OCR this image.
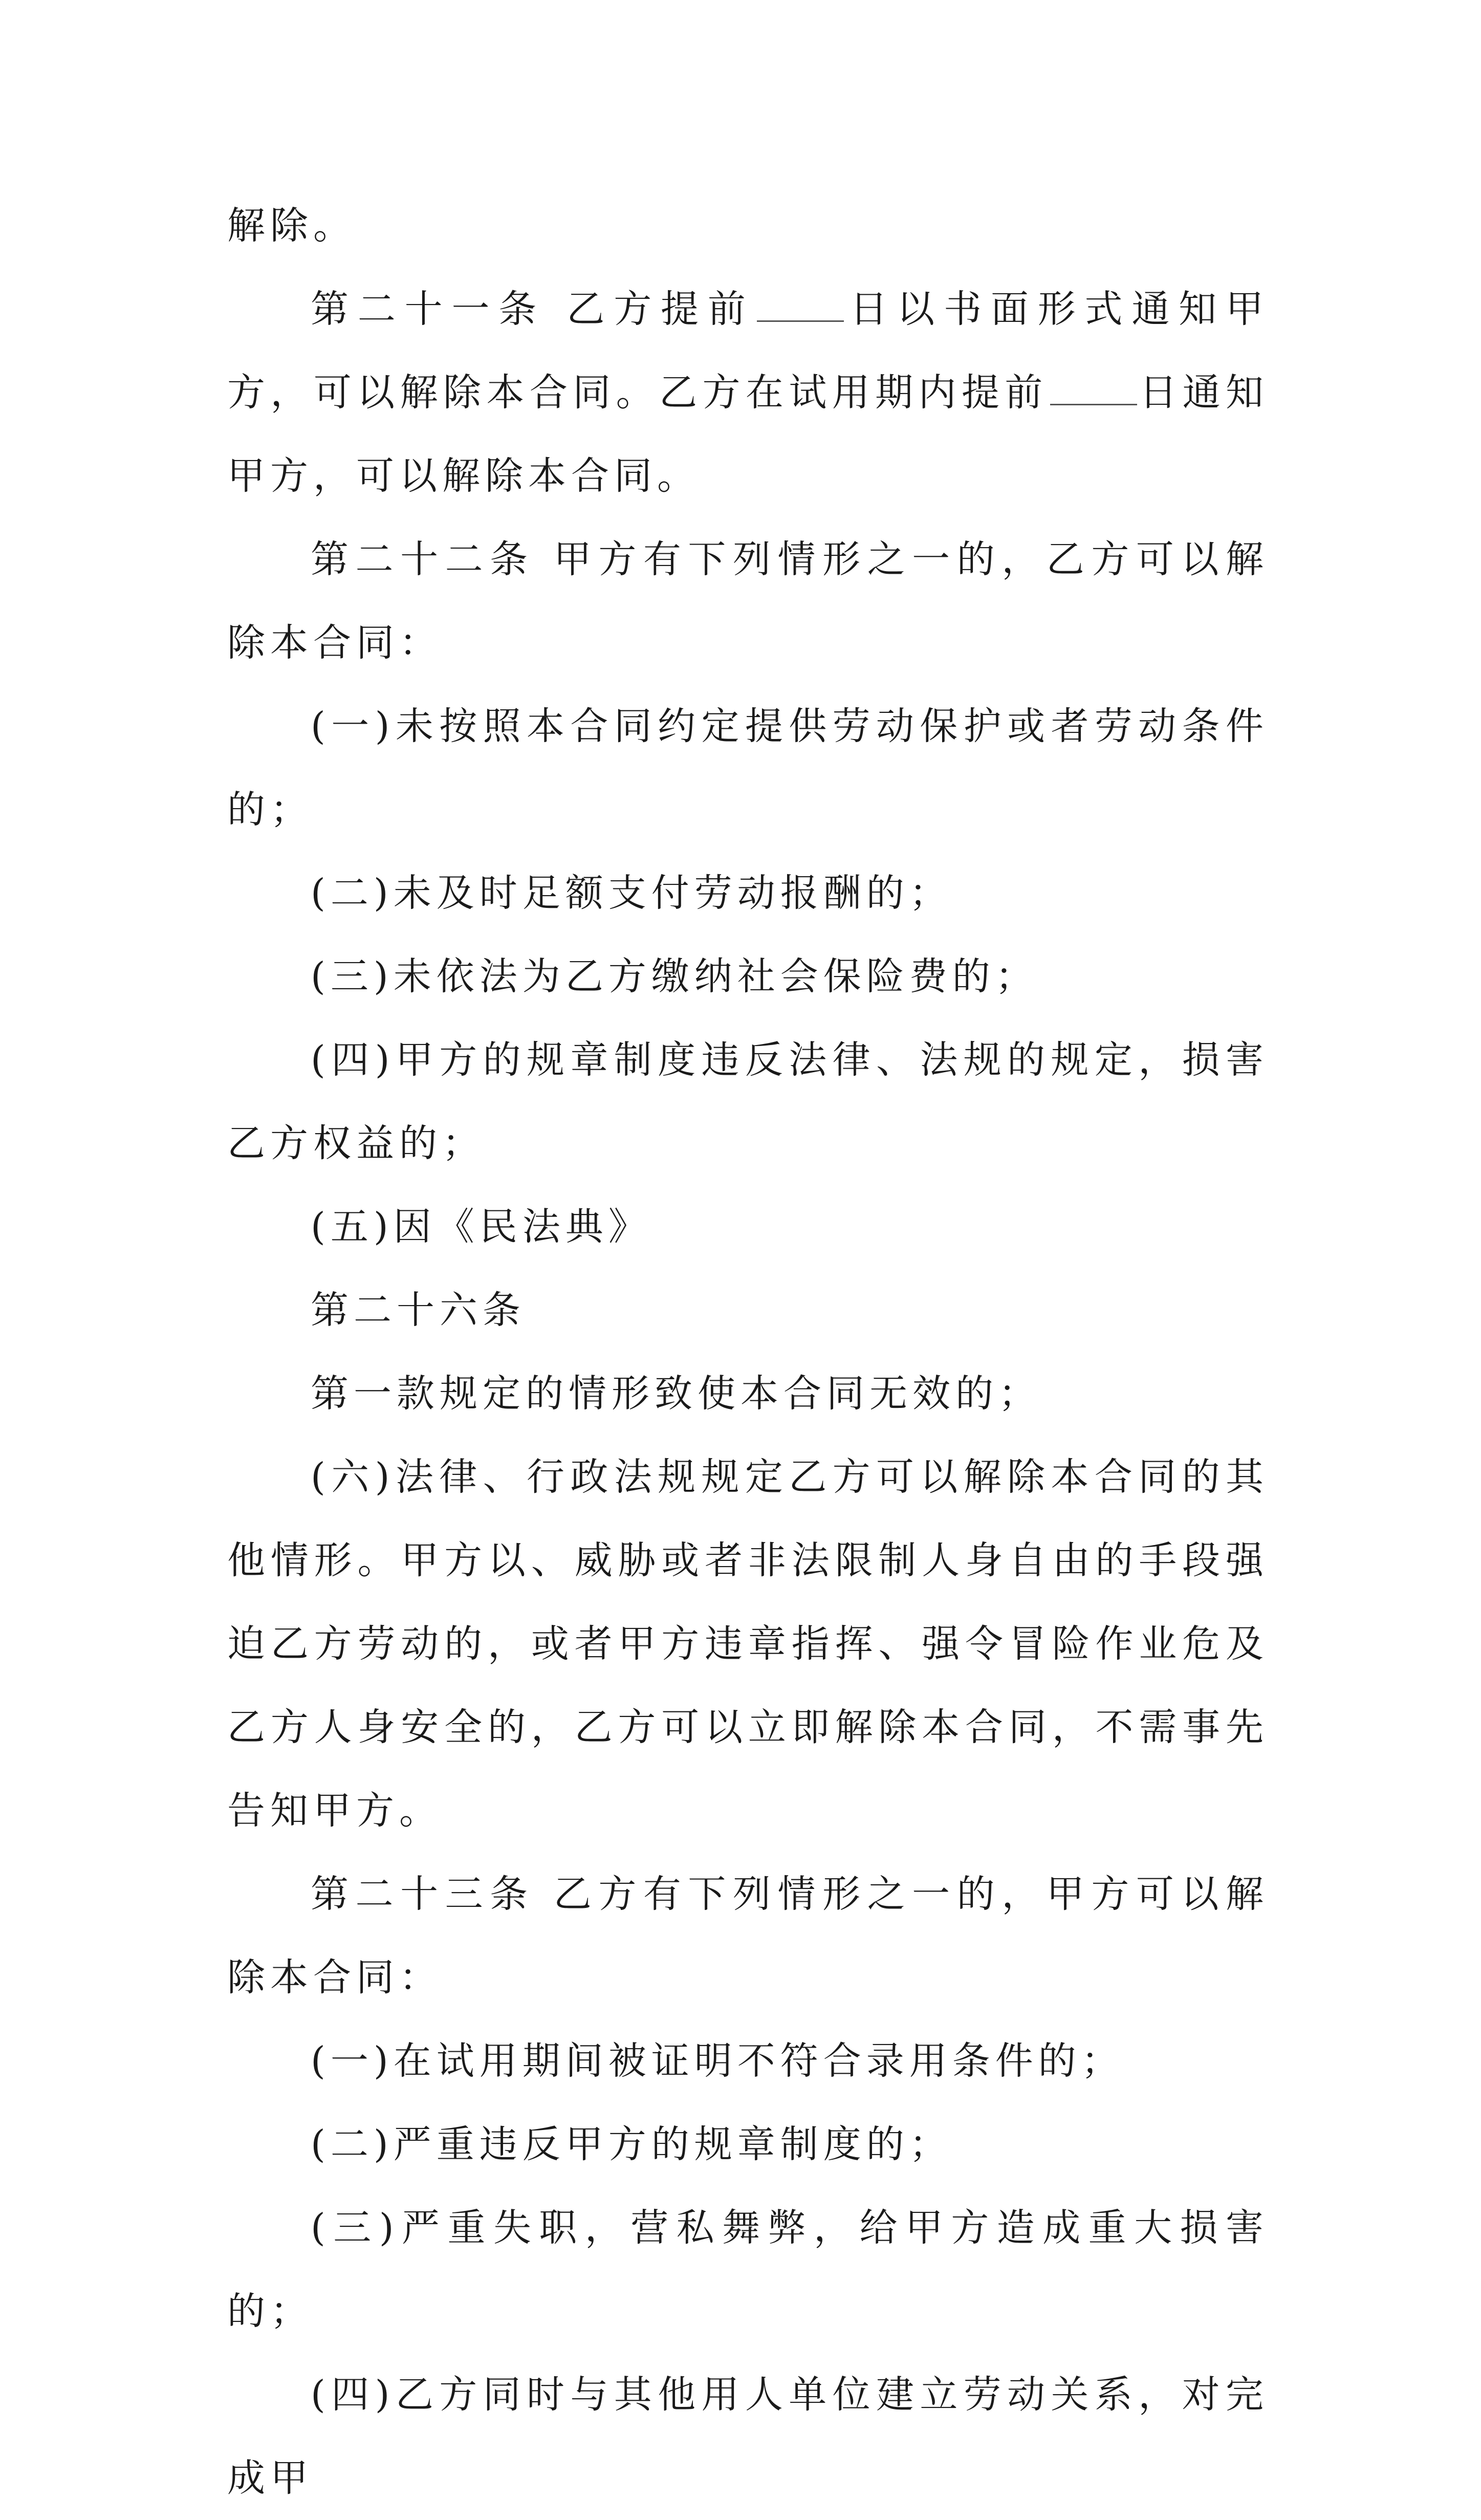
解除。

第二十一条 乙方提前 日以书面形式通知甲方，可以解除本合同。乙方在试用期内提前 日通知甲方，可以解除本合同。

第二十二条 甲方有下列情形之一的，乙方可以解除本合同：

(一)未按照本合同约定提供劳动保护或者劳动条件的；

(二)未及时足额支付劳动报酬的；

(三)未依法为乙方缴纳社会保险费的；

(四)甲方的规章制度违反法律、法规的规定，损害乙方权益的；

(五)因《民法典》

第二十六条

第一款规定的情形致使本合同无效的；

(六)法律、行政法规规定乙方可以解除本合同的其他情形。甲方以、威胁或者非法限制人身自由的手段强迫乙方劳动的，或者甲方违章指挥、强令冒险作业危及乙方人身安全的，乙方可以立即解除本合同，不需事先告知甲方。

第二十三条 乙方有下列情形之一的，甲方可以解除本合同：

(一)在试用期间被证明不符合录用条件的；

(二)严重违反甲方的规章制度的；

(三)严重失职，营私舞弊，给甲方造成重大损害的；

(四)乙方同时与其他用人单位建立劳动关系，对完成甲
